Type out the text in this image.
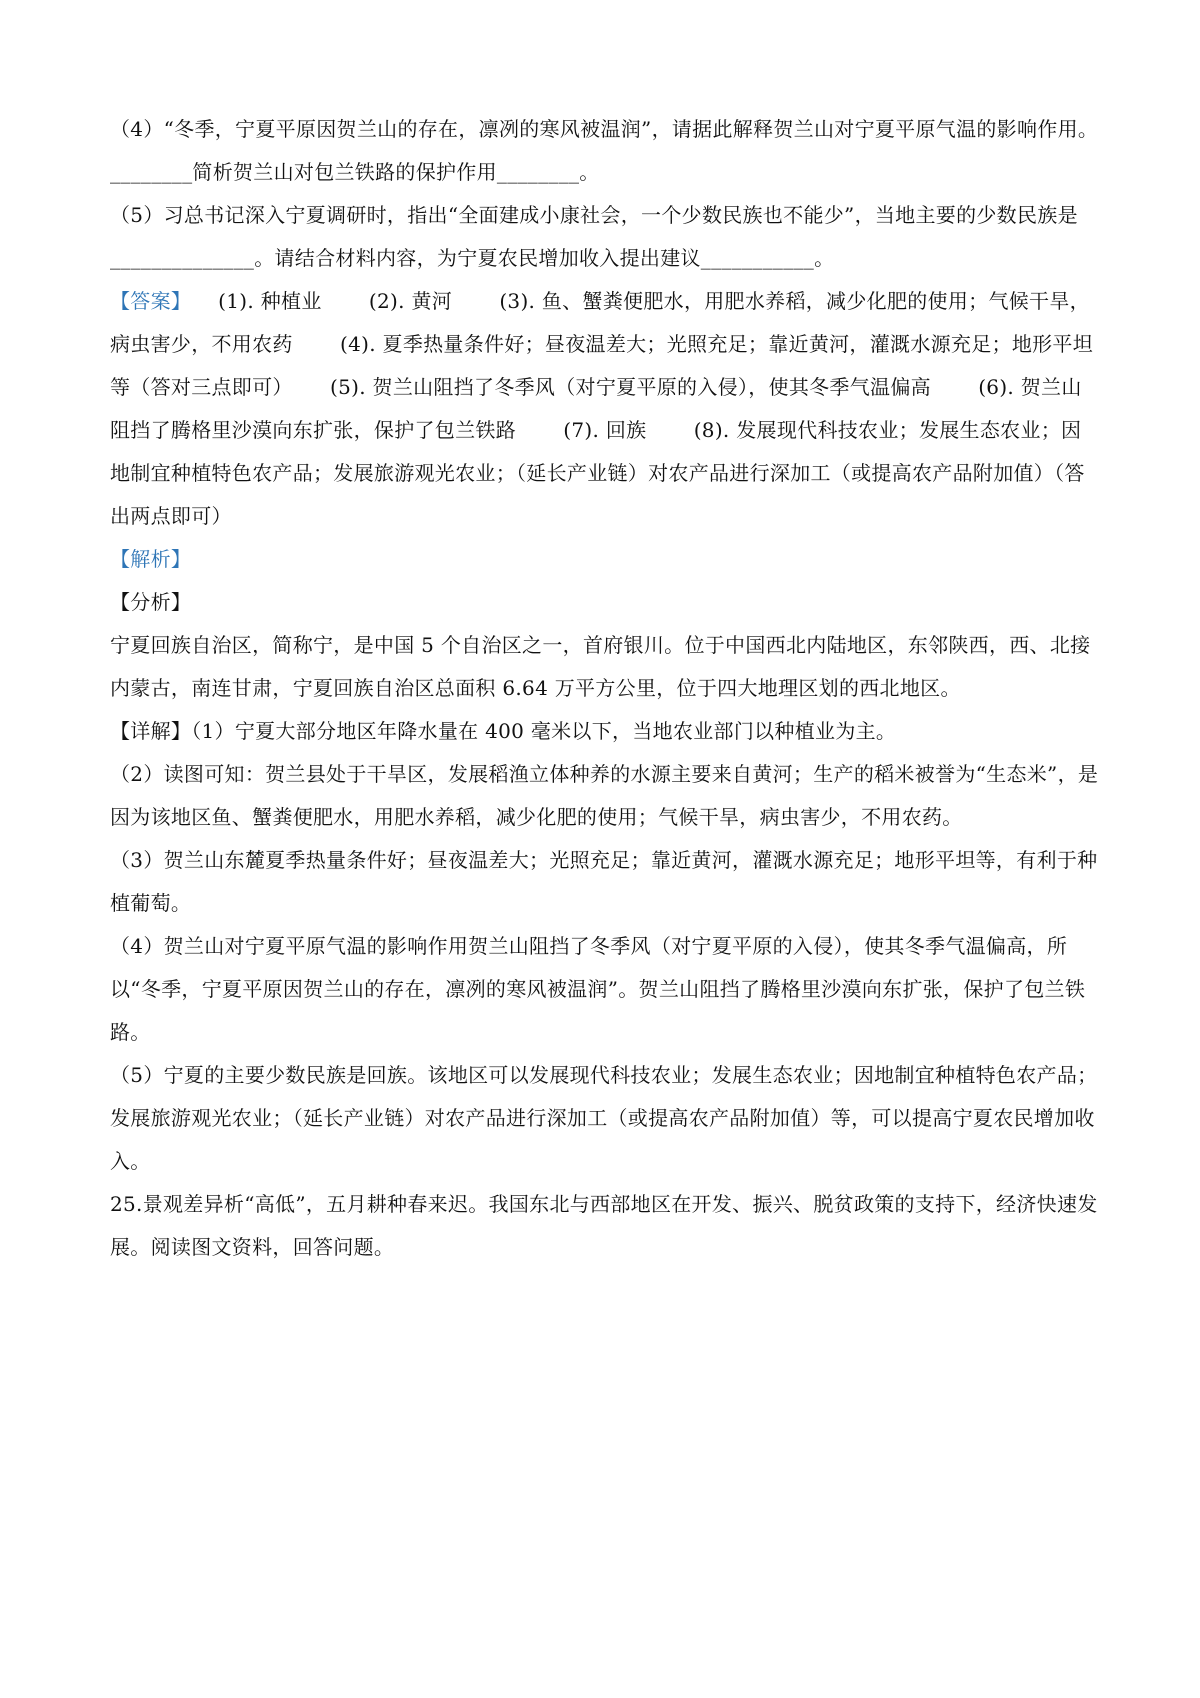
（4）“冬季，宁夏平原因贺兰山的存在，凛冽的寒风被温润”，请据此解释贺兰山对宁夏平原气温的影响作用。________简析贺兰山对包兰铁路的保护作用________。

（5）习总书记深入宁夏调研时，指出“全面建成小康社会，一个少数民族也不能少”，当地主要的少数民族是______________。请结合材料内容，为宁夏农民增加收入提出建议___________。

【答案】 　(1). 种植业　 　(2). 黄河　 　(3). 鱼、蟹粪便肥水，用肥水养稻，减少化肥的使用；气候干旱，病虫害少，不用农药　 　(4). 夏季热量条件好；昼夜温差大；光照充足；靠近黄河，灌溉水源充足；地形平坦等（答对三点即可）　 　(5). 贺兰山阻挡了冬季风（对宁夏平原的入侵），使其冬季气温偏高　 　(6). 贺兰山阻挡了腾格里沙漠向东扩张，保护了包兰铁路　 　(7). 回族　 　(8). 发展现代科技农业；发展生态农业；因地制宜种植特色农产品；发展旅游观光农业；（延长产业链）对农产品进行深加工（或提高农产品附加值）（答出两点即可）　

【解析】

【分析】

宁夏回族自治区，简称宁，是中国 5 个自治区之一，首府银川。位于中国西北内陆地区，东邻陕西，西、北接内蒙古，南连甘肃，宁夏回族自治区总面积 6.64 万平方公里，位于四大地理区划的西北地区。

【详解】（1）宁夏大部分地区年降水量在 400 毫米以下，当地农业部门以种植业为主。

（2）读图可知：贺兰县处于干旱区，发展稻渔立体种养的水源主要来自黄河；生产的稻米被誉为“生态米”，是因为该地区鱼、蟹粪便肥水，用肥水养稻，减少化肥的使用；气候干旱，病虫害少，不用农药。

（3）贺兰山东麓夏季热量条件好；昼夜温差大；光照充足；靠近黄河，灌溉水源充足；地形平坦等，有利于种植葡萄。

（4）贺兰山对宁夏平原气温的影响作用贺兰山阻挡了冬季风（对宁夏平原的入侵），使其冬季气温偏高，所以“冬季，宁夏平原因贺兰山的存在，凛冽的寒风被温润”。贺兰山阻挡了腾格里沙漠向东扩张，保护了包兰铁路。

（5）宁夏的主要少数民族是回族。该地区可以发展现代科技农业；发展生态农业；因地制宜种植特色农产品；发展旅游观光农业；（延长产业链）对农产品进行深加工（或提高农产品附加值）等，可以提高宁夏农民增加收入。

25.景观差异析“高低”，五月耕种春来迟。我国东北与西部地区在开发、振兴、脱贫政策的支持下，经济快速发展。阅读图文资料，回答问题。
